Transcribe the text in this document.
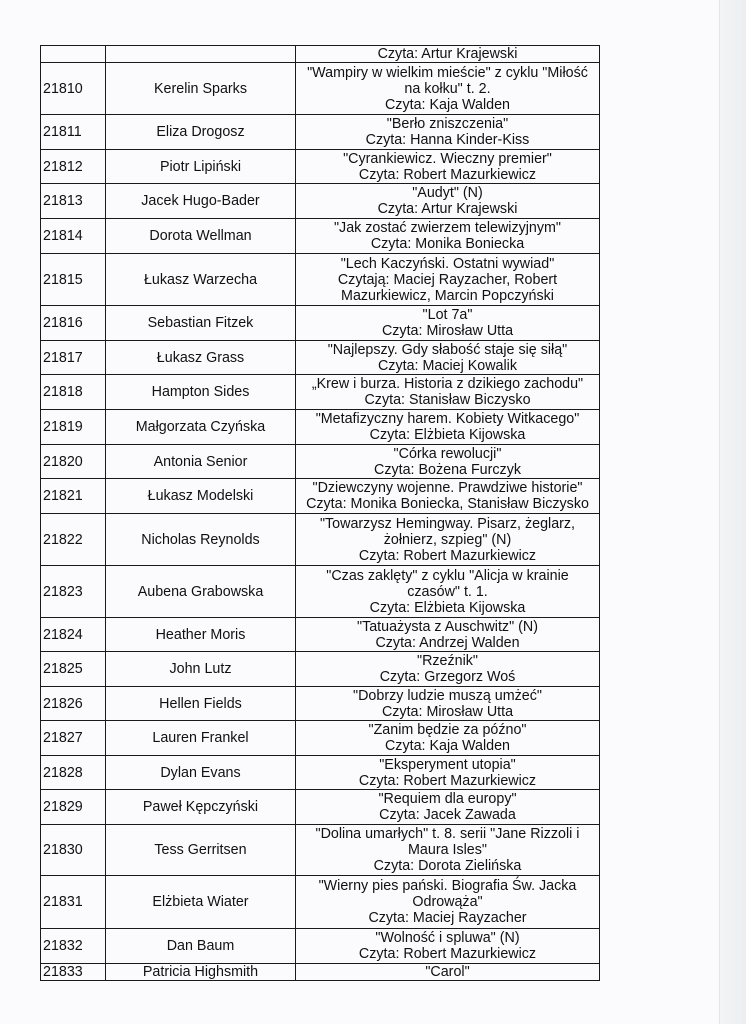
		Czyta: Artur Krajewski

21810	Kerelin Sparks	"Wampiry w wielkim mieście" z cyklu "Miłość
na kołku" t. 2.
Czyta: Kaja Walden

21811	Eliza Drogosz	"Berło zniszczenia"
Czyta: Hanna Kinder-Kiss

21812	Piotr Lipiński	"Cyrankiewicz. Wieczny premier"
Czyta: Robert Mazurkiewicz

21813	Jacek Hugo-Bader	"Audyt" (N)
Czyta: Artur Krajewski

21814	Dorota Wellman	"Jak zostać zwierzem telewizyjnym"
Czyta: Monika Boniecka

21815	Łukasz Warzecha	"Lech Kaczyński. Ostatni wywiad"
Czytają: Maciej Rayzacher, Robert
Mazurkiewicz, Marcin Popczyński

21816	Sebastian Fitzek	"Lot 7a"
Czyta: Mirosław Utta

21817	Łukasz Grass	"Najlepszy. Gdy słabość staje się siłą"
Czyta: Maciej Kowalik

21818	Hampton Sides	„Krew i burza. Historia z dzikiego zachodu"
Czyta: Stanisław Biczysko

21819	Małgorzata Czyńska	"Metafizyczny harem. Kobiety Witkacego"
Czyta: Elżbieta Kijowska

21820	Antonia Senior	"Córka rewolucji"
Czyta: Bożena Furczyk

21821	Łukasz Modelski	"Dziewczyny wojenne. Prawdziwe historie"
Czyta: Monika Boniecka, Stanisław Biczysko

21822	Nicholas Reynolds	"Towarzysz Hemingway. Pisarz, żeglarz,
żołnierz, szpieg" (N)
Czyta: Robert Mazurkiewicz

21823	Aubena Grabowska	"Czas zaklęty" z cyklu "Alicja w krainie
czasów" t. 1.
Czyta: Elżbieta Kijowska

21824	Heather Moris	"Tatuażysta z Auschwitz" (N)
Czyta: Andrzej Walden

21825	John Lutz	"Rzeźnik"
Czyta: Grzegorz Woś

21826	Hellen Fields	"Dobrzy ludzie muszą umżeć"
Czyta: Mirosław Utta

21827	Lauren Frankel	"Zanim będzie za późno"
Czyta: Kaja Walden

21828	Dylan Evans	"Eksperyment utopia"
Czyta: Robert Mazurkiewicz

21829	Paweł Kępczyński	"Requiem dla europy"
Czyta: Jacek Zawada

21830	Tess Gerritsen	"Dolina umarłych" t. 8. serii "Jane Rizzoli i
Maura Isles"
Czyta: Dorota Zielińska

21831	Elżbieta Wiater	"Wierny pies pański. Biografia Św. Jacka
Odrowąża"
Czyta: Maciej Rayzacher

21832	Dan Baum	"Wolność i spluwa" (N)
Czyta: Robert Mazurkiewicz

21833	Patricia Highsmith	"Carol"
